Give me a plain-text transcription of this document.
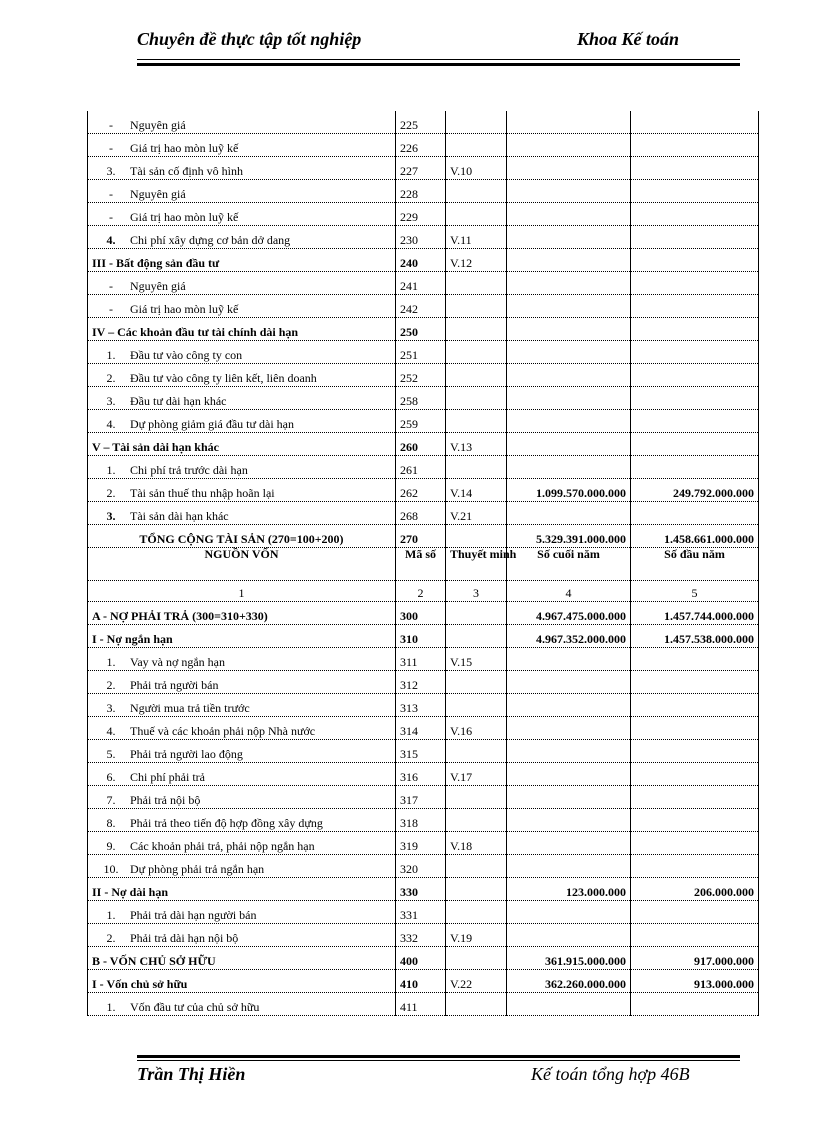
Chuyên đề thực tập tốt nghiệp	Khoa Kế toán
- Nguyên giá	225			
- Giá trị hao mòn luỹ kế	226			
3. Tài sản cố định vô hình	227	V.10		
- Nguyên giá	228			
- Giá trị hao mòn luỹ kế	229			
4. Chi phí xây dựng cơ bản dở dang	230	V.11		
III - Bất động sản đầu tư	240	V.12		
- Nguyên giá	241			
- Giá trị hao mòn luỹ kế	242			
IV – Các khoản đầu tư tài chính dài hạn	250			
1. Đầu tư vào công ty con	251			
2. Đầu tư vào công ty liên kết, liên doanh	252			
3. Đầu tư dài hạn khác	258			
4. Dự phòng giảm giá đầu tư dài hạn	259			
V – Tài sản dài hạn khác	260	V.13		
1. Chi phí trả trước dài hạn	261			
2. Tài sản thuế thu nhập hoãn lại	262	V.14	1.099.570.000.000	249.792.000.000
3. Tài sản dài hạn khác	268	V.21		
TỔNG CỘNG TÀI SẢN (270=100+200)	270		5.329.391.000.000	1.458.661.000.000
NGUỒN VỐN	Mã số	Thuyết minh	Số cuối năm	Số đầu năm
1	2	3	4	5
A - NỢ PHẢI TRẢ (300=310+330)	300		4.967.475.000.000	1.457.744.000.000
I - Nợ ngắn hạn	310		4.967.352.000.000	1.457.538.000.000
1. Vay và nợ ngắn hạn	311	V.15		
2. Phải trả người bán	312			
3. Người mua trả tiền trước	313			
4. Thuế và các khoản phải nộp Nhà nước	314	V.16		
5. Phải trả người lao động	315			
6. Chi phí phải trả	316	V.17		
7. Phải trả nội bộ	317			
8. Phải trả theo tiến độ hợp đồng xây dựng	318			
9. Các khoản phải trả, phải nộp ngắn hạn	319	V.18		
10. Dự phòng phải trả ngắn hạn	320			
II - Nợ dài hạn	330		123.000.000	206.000.000
1. Phải trả dài hạn người bán	331			
2. Phải trả dài hạn nội bộ	332	V.19		
B - VỐN CHỦ SỞ HỮU	400		361.915.000.000	917.000.000
I - Vốn chủ sở hữu	410	V.22	362.260.000.000	913.000.000
1. Vốn đầu tư của chủ sở hữu	411			
Trần Thị Hiền	Kế toán tổng hợp 46B
